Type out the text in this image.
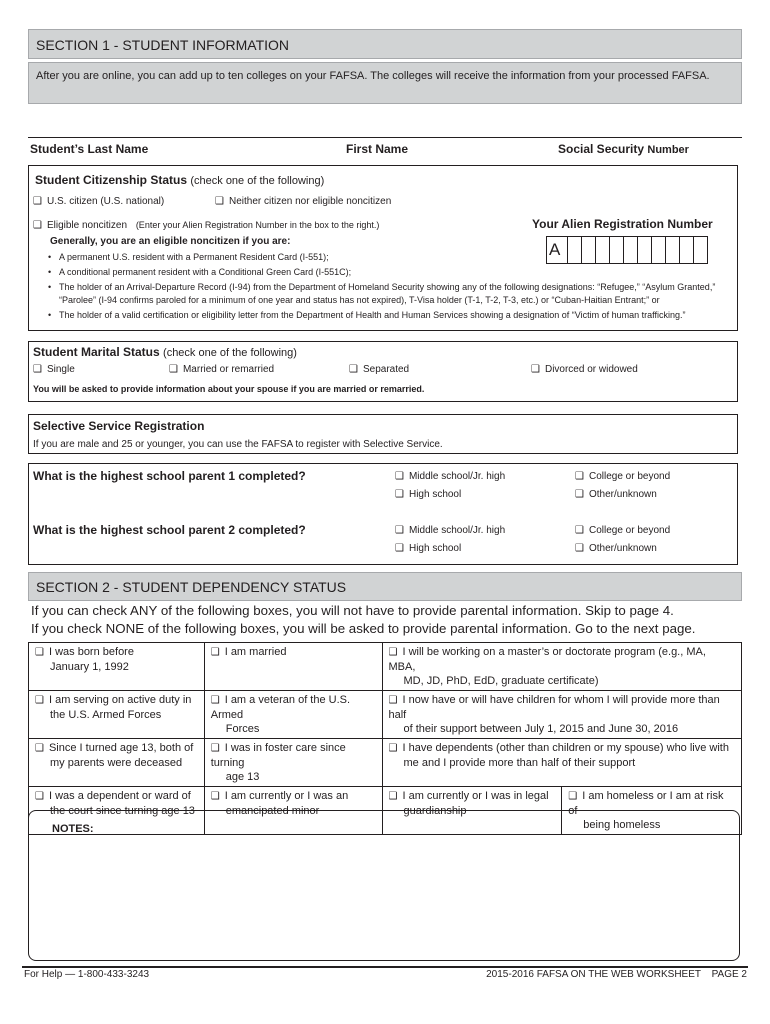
SECTION 1 - STUDENT INFORMATION
After you are online, you can add up to ten colleges on your FAFSA. The colleges will receive the information from your processed FAFSA.
Student’s Last Name	First Name	Social Security Number
Student Citizenship Status (check one of the following)
❑ U.S. citizen (U.S. national)	❑ Neither citizen nor eligible noncitizen
❑ Eligible noncitizen (Enter your Alien Registration Number in the box to the right.)	Your Alien Registration Number
Generally, you are an eligible noncitizen if you are:
• A permanent U.S. resident with a Permanent Resident Card (I-551);
• A conditional permanent resident with a Conditional Green Card (I-551C);
• The holder of an Arrival-Departure Record (I-94) from the Department of Homeland Security showing any of the following designations: “Refugee,” “Asylum Granted,” “Parolee” (I-94 confirms paroled for a minimum of one year and status has not expired), T-Visa holder (T-1, T-2, T-3, etc.) or “Cuban-Haitian Entrant;” or
• The holder of a valid certification or eligibility letter from the Department of Health and Human Services showing a designation of “Victim of human trafficking.”
A
Student Marital Status (check one of the following)
❑ Single	❑ Married or remarried	❑ Separated	❑ Divorced or widowed
You will be asked to provide information about your spouse if you are married or remarried.
Selective Service Registration
If you are male and 25 or younger, you can use the FAFSA to register with Selective Service.
What is the highest school parent 1 completed?	❑ Middle school/Jr. high	❑ College or beyond
❑ High school	❑ Other/unknown
What is the highest school parent 2 completed?	❑ Middle school/Jr. high	❑ College or beyond
❑ High school	❑ Other/unknown
SECTION 2 - STUDENT DEPENDENCY STATUS
If you can check ANY of the following boxes, you will not have to provide parental information. Skip to page 4.
If you check NONE of the following boxes, you will be asked to provide parental information. Go to the next page.
❑ I was born before
January 1, 1992	❑ I am married	❑ I will be working on a master’s or doctorate program (e.g., MA, MBA,
MD, JD, PhD, EdD, graduate certificate)	

❑ I am serving on active duty in
the U.S. Armed Forces	❑ I am a veteran of the U.S. Armed
Forces	❑ I now have or will have children for whom I will provide more than half
of their support between July 1, 2015 and June 30, 2016	

❑ Since I turned age 13, both of
my parents were deceased	❑ I was in foster care since turning
age 13	❑ I have dependents (other than children or my spouse) who live with
me and I provide more than half of their support	

❑ I was a dependent or ward of
the court since turning age 13	❑ I am currently or I was an
emancipated minor	❑ I am currently or I was in legal
guardianship	❑ I am homeless or I am at risk of
being homeless
NOTES:
For Help — 1-800-433-3243	2015-2016 FAFSA ON THE WEB WORKSHEET PAGE 2
